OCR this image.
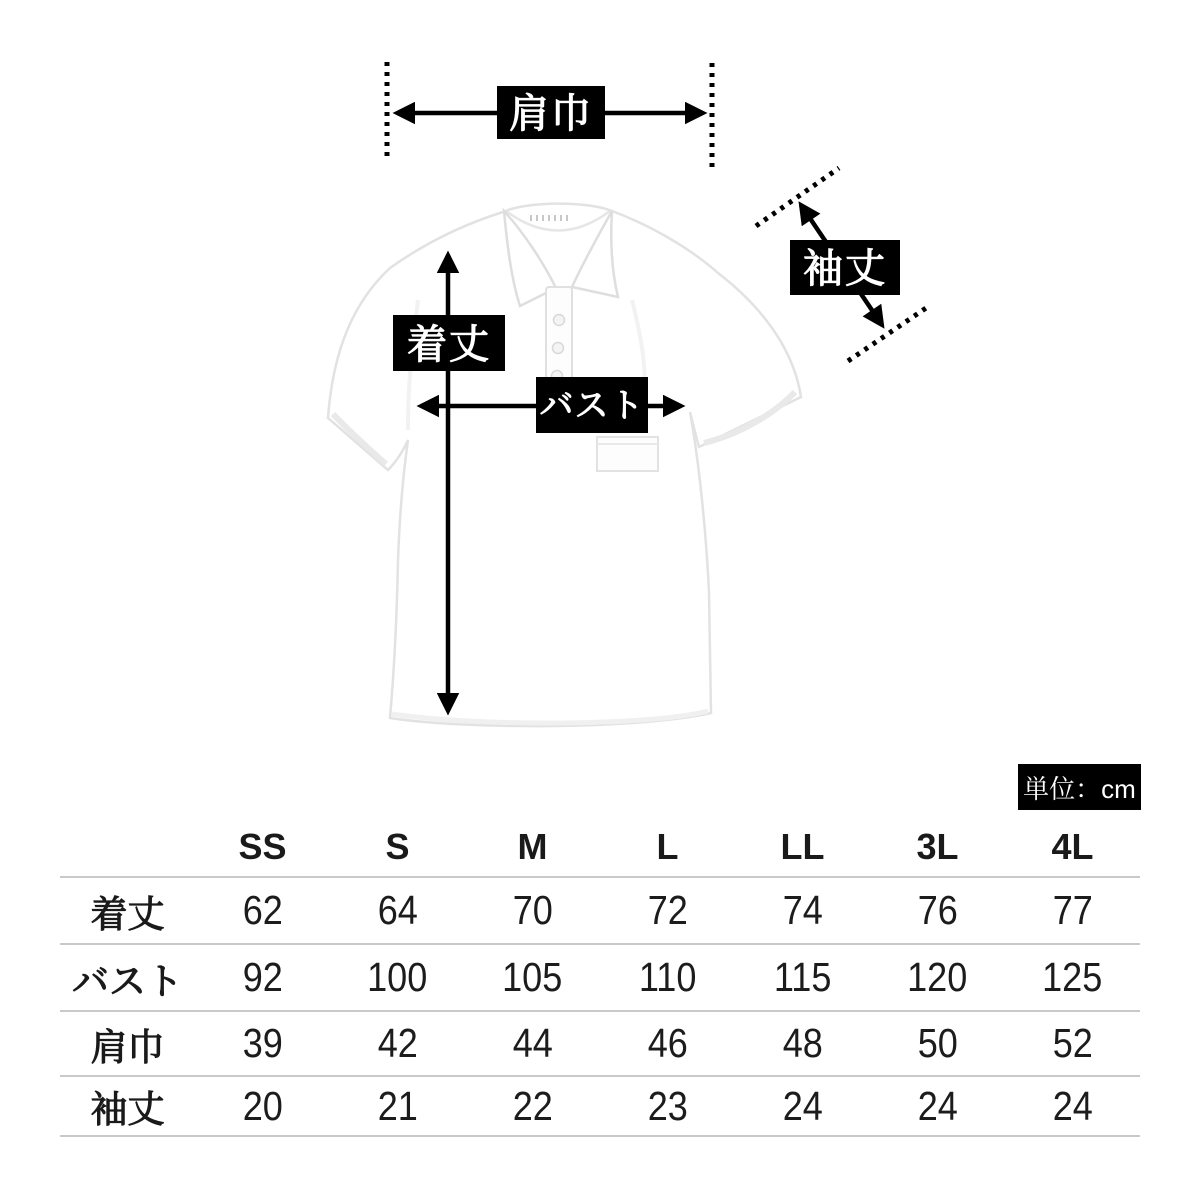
肩巾
袖丈
着丈
バスト
単位：cm
SS	S	M	L	LL	3L	4L
着丈	62 64 70 72 74 76 77
バスト 92 100 105 110 115 120 125
肩巾	39 42 44 46 48 50 52
袖丈	20 21 22 23 24 24 24
